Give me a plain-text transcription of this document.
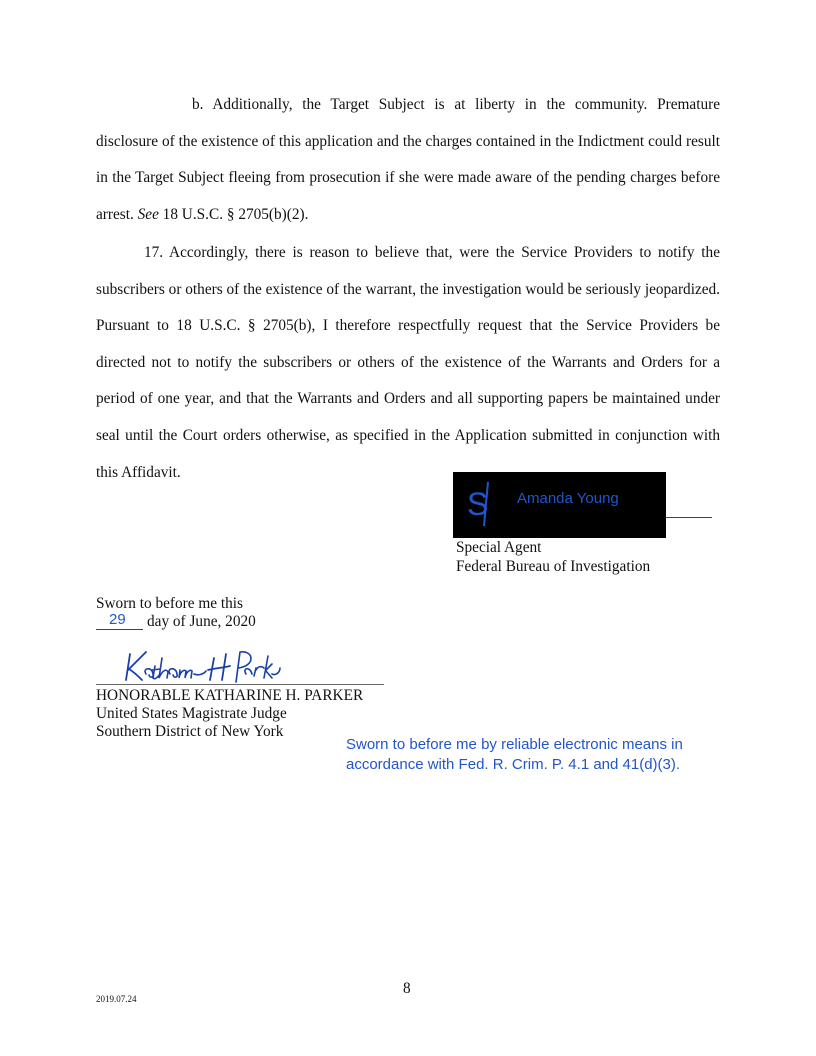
b. Additionally, the Target Subject is at liberty in the community. Premature disclosure of the existence of this application and the charges contained in the Indictment could result in the Target Subject fleeing from prosecution if she were made aware of the pending charges before arrest. See 18 U.S.C. § 2705(b)(2).

17. Accordingly, there is reason to believe that, were the Service Providers to notify the subscribers or others of the existence of the warrant, the investigation would be seriously jeopardized. Pursuant to 18 U.S.C. § 2705(b), I therefore respectfully request that the Service Providers be directed not to notify the subscribers or others of the existence of the Warrants and Orders for a period of one year, and that the Warrants and Orders and all supporting papers be maintained under seal until the Court orders otherwise, as specified in the Application submitted in conjunction with this Affidavit.

S Amanda Young
Special Agent
Federal Bureau of Investigation
Sworn to before me this
29 day of June, 2020
HONORABLE KATHARINE H. PARKER
United States Magistrate Judge
Southern District of New York
Sworn to before me by reliable electronic means in
accordance with Fed. R. Crim. P. 4.1 and 41(d)(3).
8
2019.07.24
